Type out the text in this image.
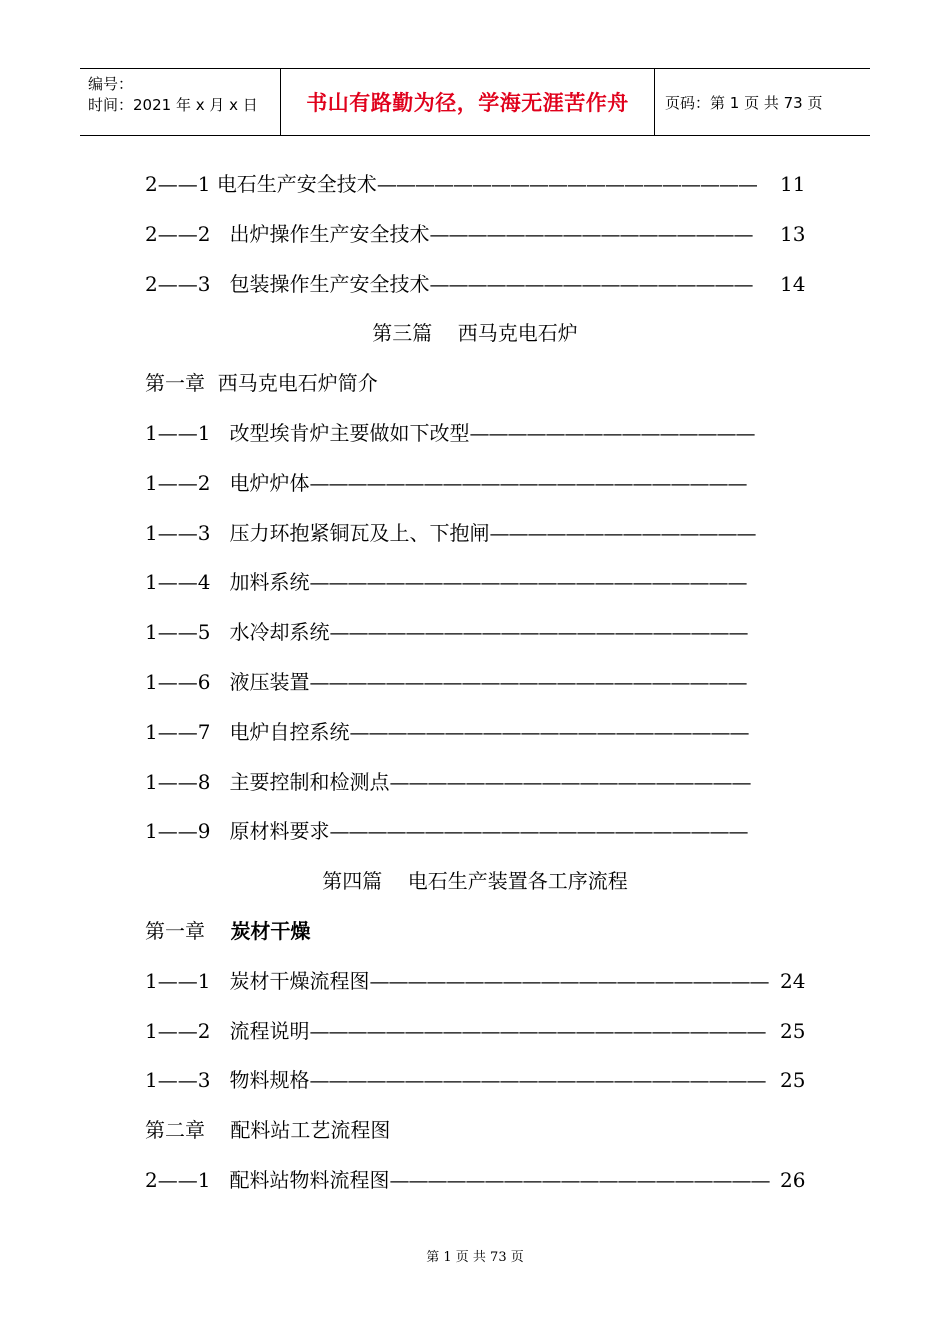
编号：
时间：2021 年 x 月 x 日	书山有路勤为径，学海无涯苦作舟	页码：第 1 页 共 73 页
2——1 电石生产安全技术———————————————————— 11
2——2 出炉操作生产安全技术————————————————— 13
2——3 包装操作生产安全技术————————————————— 14
第三篇    西马克电石炉
第一章  西马克电石炉简介
1——1 改型埃肯炉主要做如下改型———————————————
1——2 电炉炉体———————————————————————
1——3 压力环抱紧铜瓦及上、下抱闸——————————————
1——4 加料系统———————————————————————
1——5 水冷却系统——————————————————————
1——6 液压装置———————————————————————
1——7 电炉自控系统—————————————————————
1——8 主要控制和检测点———————————————————
1——9 原材料要求——————————————————————
第四篇    电石生产装置各工序流程
第一章 炭材干燥
1——1 炭材干燥流程图————————————————————— 24
1——2 流程说明———————————————————————— 25
1——3 物料规格———————————————————————— 25
第二章    配料站工艺流程图
2——1 配料站物料流程图———————————————————— 26
第 1 页 共 73 页
